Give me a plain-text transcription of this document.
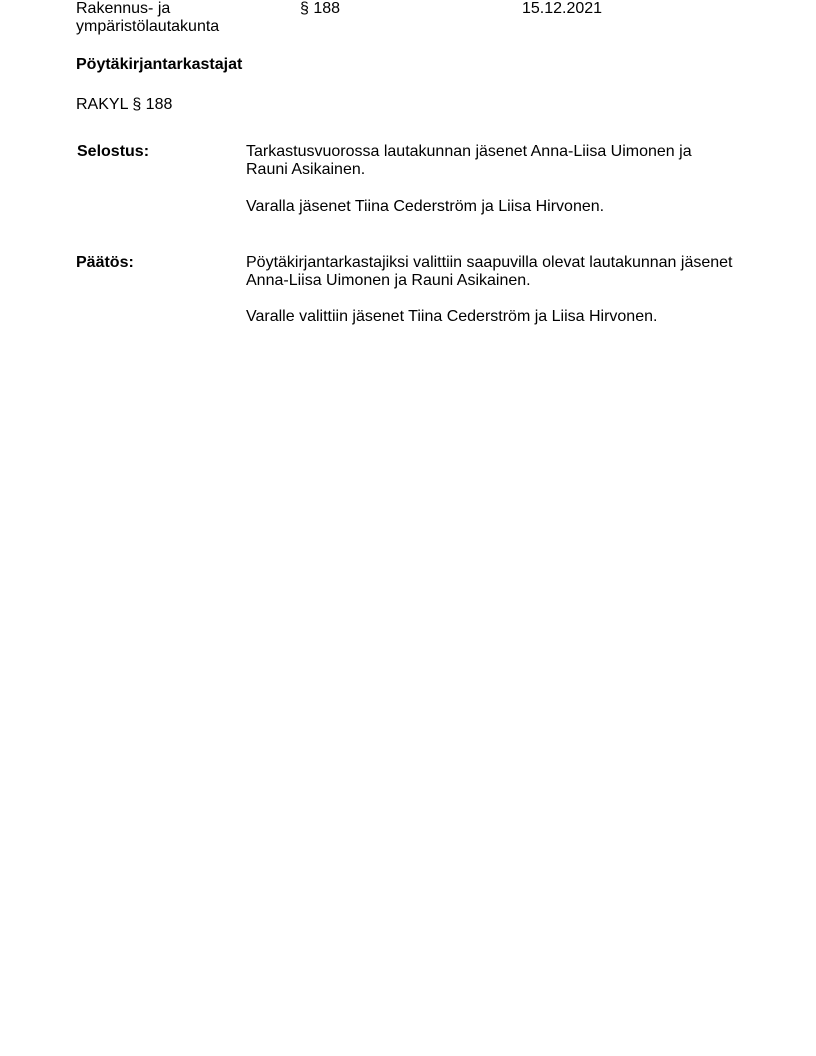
Rakennus- ja
ympäristölautakunta
§ 188	15.12.2021
Pöytäkirjantarkastajat
RAKYL § 188
Selostus:	Tarkastusvuorossa lautakunnan jäsenet Anna-Liisa Uimonen ja

Rauni Asikainen.

Varalla jäsenet Tiina Cederström ja Liisa Hirvonen.
Päätös:	Pöytäkirjantarkastajiksi valittiin saapuvilla olevat lautakunnan jäsenet

Anna-Liisa Uimonen ja Rauni Asikainen.

Varalle valittiin jäsenet Tiina Cederström ja Liisa Hirvonen.
